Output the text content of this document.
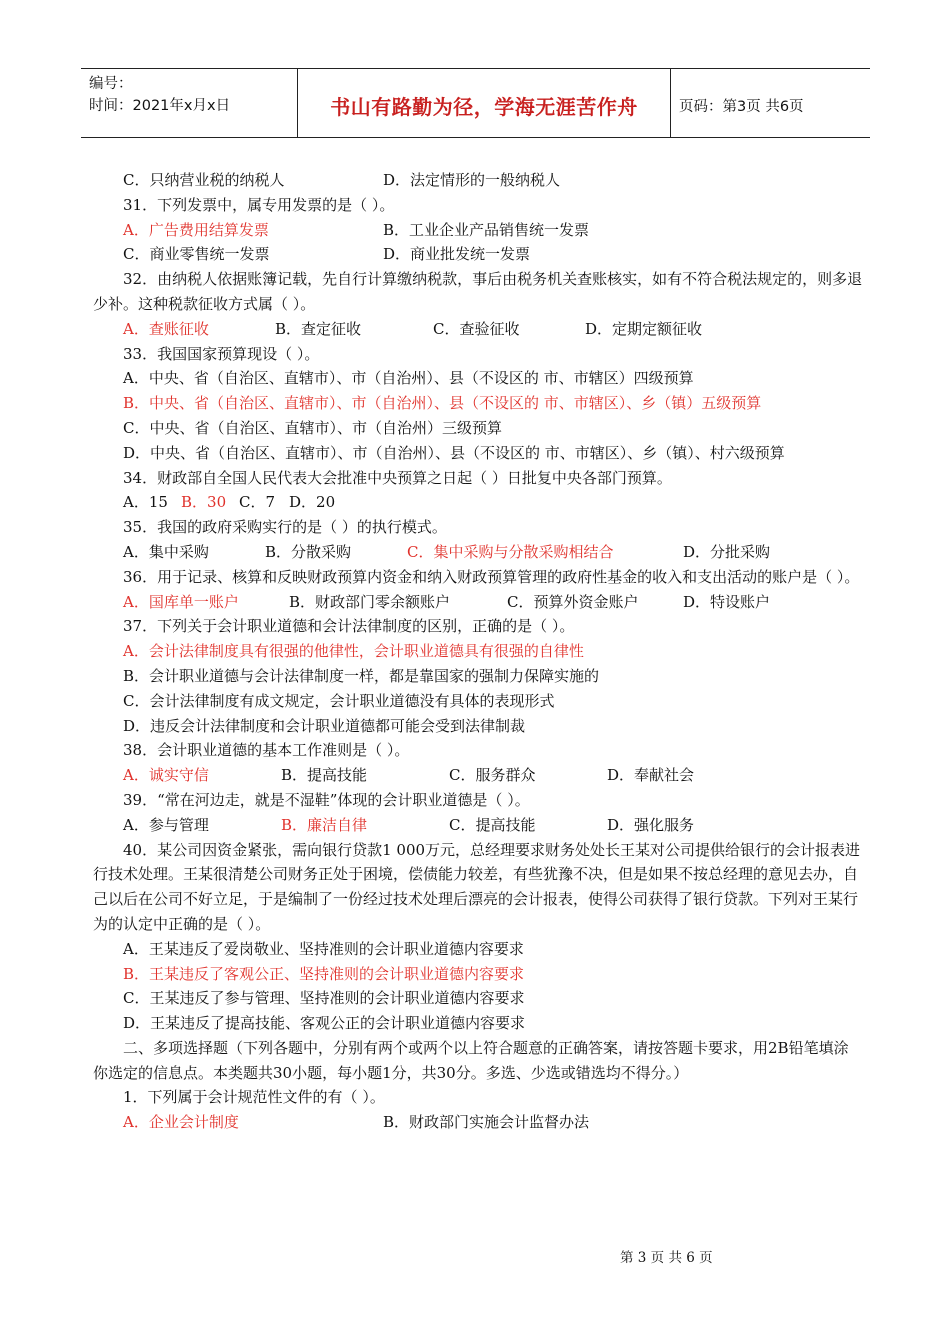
编号：
时间：2021年x月x日	书山有路勤为径，学海无涯苦作舟	页码：第3页 共6页
C．只纳营业税的纳税人	D．法定情形的一般纳税人
31．下列发票中，属专用发票的是（ ）。
A．广告费用结算发票	B．工业企业产品销售统一发票
C．商业零售统一发票	D．商业批发统一发票
32．由纳税人依据账簿记载，先自行计算缴纳税款，事后由税务机关查账核实，如有不符合税法规定的，则多退少补。这种税款征收方式属（ ）。
A．查账征收	B．查定征收	C．查验征收	D．定期定额征收
33．我国国家预算现设（ ）。
A．中央、省（自治区、直辖市）、市（自治州）、县（不设区的 市、市辖区）四级预算
B．中央、省（自治区、直辖市）、市（自治州）、县（不设区的 市、市辖区）、乡（镇）五级预算
C．中央、省（自治区、直辖市）、市（自治州）三级预算
D．中央、省（自治区、直辖市）、市（自治州）、县（不设区的 市、市辖区）、乡（镇）、村六级预算
34．财政部自全国人民代表大会批准中央预算之日起（ ）日批复中央各部门预算。
A．15 B．30 C．7 D．20
35．我国的政府采购实行的是（ ）的执行模式。
A．集中采购	B．分散采购	C．集中采购与分散采购相结合	D．分批采购
36．用于记录、核算和反映财政预算内资金和纳入财政预算管理的政府性基金的收入和支出活动的账户是（ ）。
A．国库单一账户	B．财政部门零余额账户	C．预算外资金账户	D．特设账户
37．下列关于会计职业道德和会计法律制度的区别，正确的是（ ）。
A．会计法律制度具有很强的他律性，会计职业道德具有很强的自律性
B．会计职业道德与会计法律制度一样，都是靠国家的强制力保障实施的
C．会计法律制度有成文规定，会计职业道德没有具体的表现形式
D．违反会计法律制度和会计职业道德都可能会受到法律制裁
38．会计职业道德的基本工作准则是（ ）。
A．诚实守信	B．提高技能	C．服务群众	D．奉献社会
39．“常在河边走，就是不湿鞋”体现的会计职业道德是（ ）。
A．参与管理	B．廉洁自律	C．提高技能	D．强化服务
40．某公司因资金紧张，需向银行贷款1 000万元，总经理要求财务处处长王某对公司提供给银行的会计报表进行技术处理。王某很清楚公司财务正处于困境，偿债能力较差，有些犹豫不决，但是如果不按总经理的意见去办，自己以后在公司不好立足，于是编制了一份经过技术处理后漂亮的会计报表，使得公司获得了银行贷款。下列对王某行为的认定中正确的是（ ）。
A．王某违反了爱岗敬业、坚持准则的会计职业道德内容要求
B．王某违反了客观公正、坚持准则的会计职业道德内容要求
C．王某违反了参与管理、坚持准则的会计职业道德内容要求
D．王某违反了提高技能、客观公正的会计职业道德内容要求
二、多项选择题（下列各题中，分别有两个或两个以上符合题意的正确答案，请按答题卡要求，用2B铅笔填涂你选定的信息点。本类题共30小题，每小题1分，共30分。多选、少选或错选均不得分。）
1．下列属于会计规范性文件的有（ ）。
A．企业会计制度	B．财政部门实施会计监督办法
第 3 页 共 6 页
